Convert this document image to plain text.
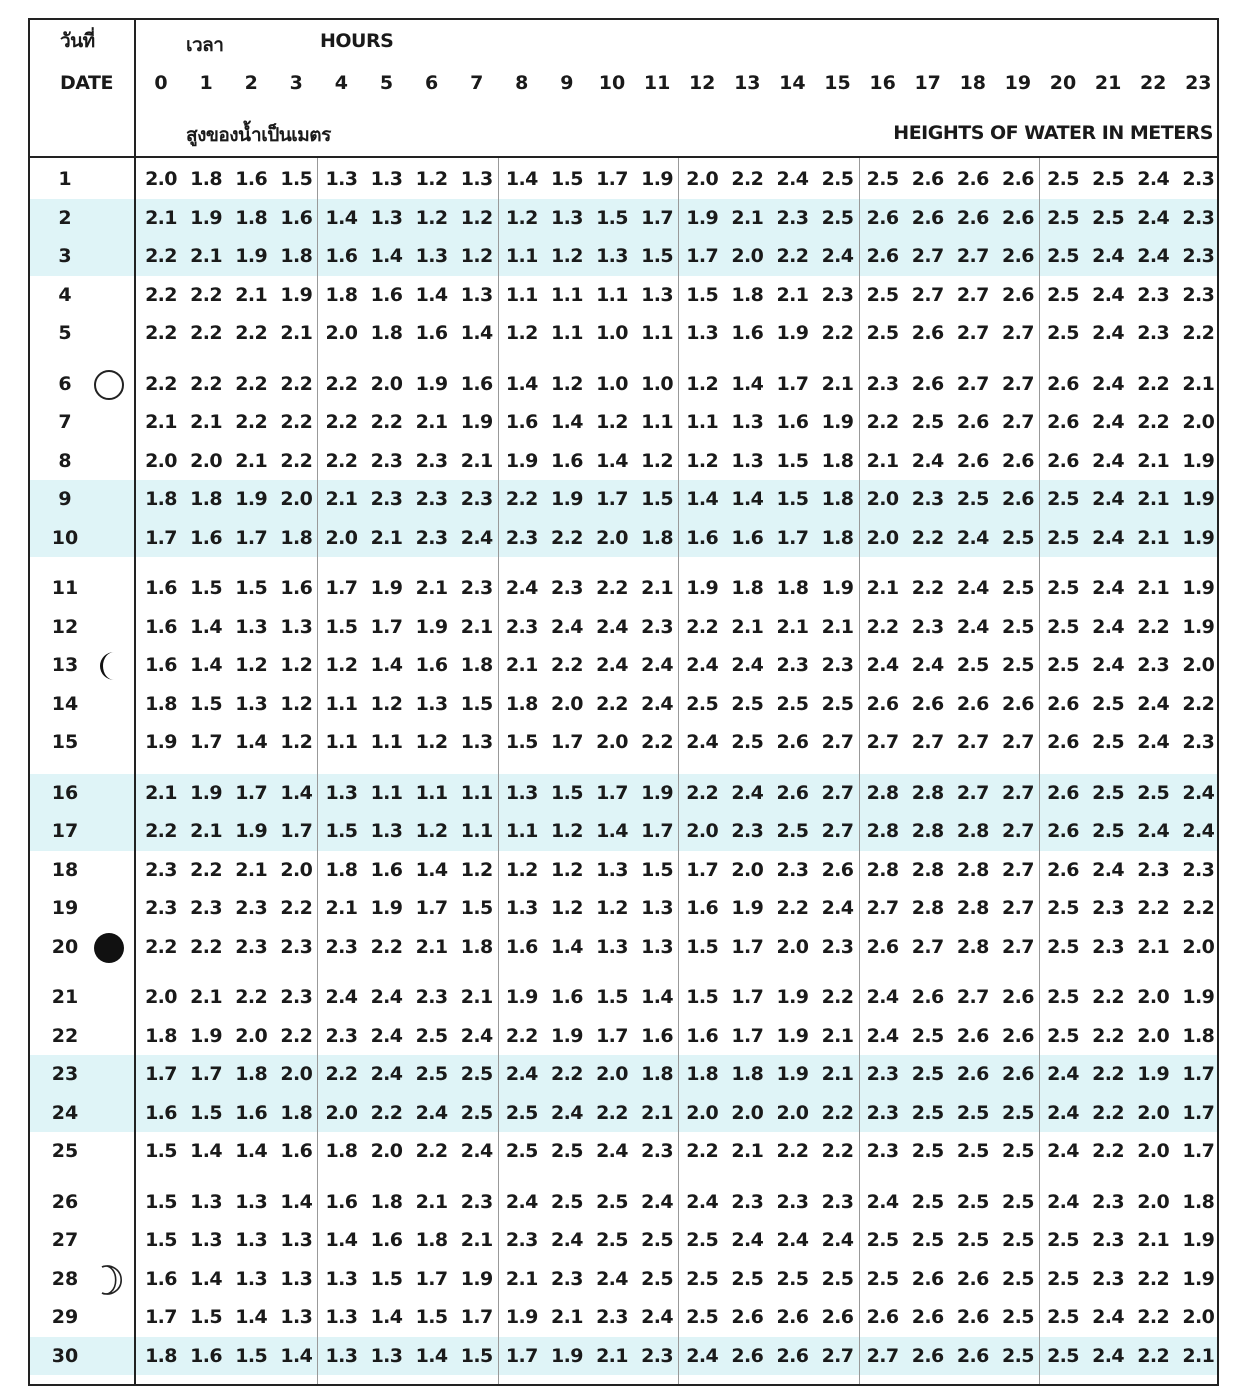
วันที่
DATE
เวลา	HOURS
สูงของน้ำเป็นเมตร	HEIGHTS OF WATER IN METERS
0	1	2	3	4	5	6	7	8	9	10 11 12 13 14 15 16 17 18 19 20 21 22 23
1	2.0 1.8 1.6 1.5 1.3 1.3 1.2 1.3 1.4 1.5 1.7 1.9 2.0 2.2 2.4 2.5 2.5 2.6 2.6 2.6 2.5 2.5 2.4 2.3
2	2.1 1.9 1.8 1.6 1.4 1.3 1.2 1.2 1.2 1.3 1.5 1.7 1.9 2.1 2.3 2.5 2.6 2.6 2.6 2.6 2.5 2.5 2.4 2.3
3	2.2 2.1 1.9 1.8 1.6 1.4 1.3 1.2 1.1 1.2 1.3 1.5 1.7 2.0 2.2 2.4 2.6 2.7 2.7 2.6 2.5 2.4 2.4 2.3
4	2.2 2.2 2.1 1.9 1.8 1.6 1.4 1.3 1.1 1.1 1.1 1.3 1.5 1.8 2.1 2.3 2.5 2.7 2.7 2.6 2.5 2.4 2.3 2.3
5	2.2 2.2 2.2 2.1 2.0 1.8 1.6 1.4 1.2 1.1 1.0 1.1 1.3 1.6 1.9 2.2 2.5 2.6 2.7 2.7 2.5 2.4 2.3 2.2
6	2.2 2.2 2.2 2.2 2.2 2.0 1.9 1.6 1.4 1.2 1.0 1.0 1.2 1.4 1.7 2.1 2.3 2.6 2.7 2.7 2.6 2.4 2.2 2.1
7	2.1 2.1 2.2 2.2 2.2 2.2 2.1 1.9 1.6 1.4 1.2 1.1 1.1 1.3 1.6 1.9 2.2 2.5 2.6 2.7 2.6 2.4 2.2 2.0
8	2.0 2.0 2.1 2.2 2.2 2.3 2.3 2.1 1.9 1.6 1.4 1.2 1.2 1.3 1.5 1.8 2.1 2.4 2.6 2.6 2.6 2.4 2.1 1.9
9	1.8 1.8 1.9 2.0 2.1 2.3 2.3 2.3 2.2 1.9 1.7 1.5 1.4 1.4 1.5 1.8 2.0 2.3 2.5 2.6 2.5 2.4 2.1 1.9
10	1.7 1.6 1.7 1.8 2.0 2.1 2.3 2.4 2.3 2.2 2.0 1.8 1.6 1.6 1.7 1.8 2.0 2.2 2.4 2.5 2.5 2.4 2.1 1.9
11	1.6 1.5 1.5 1.6 1.7 1.9 2.1 2.3 2.4 2.3 2.2 2.1 1.9 1.8 1.8 1.9 2.1 2.2 2.4 2.5 2.5 2.4 2.1 1.9
12	1.6 1.4 1.3 1.3 1.5 1.7 1.9 2.1 2.3 2.4 2.4 2.3 2.2 2.1 2.1 2.1 2.2 2.3 2.4 2.5 2.5 2.4 2.2 1.9
13	1.6 1.4 1.2 1.2 1.2 1.4 1.6 1.8 2.1 2.2 2.4 2.4 2.4 2.4 2.3 2.3 2.4 2.4 2.5 2.5 2.5 2.4 2.3 2.0
14	1.8 1.5 1.3 1.2 1.1 1.2 1.3 1.5 1.8 2.0 2.2 2.4 2.5 2.5 2.5 2.5 2.6 2.6 2.6 2.6 2.6 2.5 2.4 2.2
15	1.9 1.7 1.4 1.2 1.1 1.1 1.2 1.3 1.5 1.7 2.0 2.2 2.4 2.5 2.6 2.7 2.7 2.7 2.7 2.7 2.6 2.5 2.4 2.3
16	2.1 1.9 1.7 1.4 1.3 1.1 1.1 1.1 1.3 1.5 1.7 1.9 2.2 2.4 2.6 2.7 2.8 2.8 2.7 2.7 2.6 2.5 2.5 2.4
17	2.2 2.1 1.9 1.7 1.5 1.3 1.2 1.1 1.1 1.2 1.4 1.7 2.0 2.3 2.5 2.7 2.8 2.8 2.8 2.7 2.6 2.5 2.4 2.4
18	2.3 2.2 2.1 2.0 1.8 1.6 1.4 1.2 1.2 1.2 1.3 1.5 1.7 2.0 2.3 2.6 2.8 2.8 2.8 2.7 2.6 2.4 2.3 2.3
19	2.3 2.3 2.3 2.2 2.1 1.9 1.7 1.5 1.3 1.2 1.2 1.3 1.6 1.9 2.2 2.4 2.7 2.8 2.8 2.7 2.5 2.3 2.2 2.2
20	2.2 2.2 2.3 2.3 2.3 2.2 2.1 1.8 1.6 1.4 1.3 1.3 1.5 1.7 2.0 2.3 2.6 2.7 2.8 2.7 2.5 2.3 2.1 2.0
21	2.0 2.1 2.2 2.3 2.4 2.4 2.3 2.1 1.9 1.6 1.5 1.4 1.5 1.7 1.9 2.2 2.4 2.6 2.7 2.6 2.5 2.2 2.0 1.9
22	1.8 1.9 2.0 2.2 2.3 2.4 2.5 2.4 2.2 1.9 1.7 1.6 1.6 1.7 1.9 2.1 2.4 2.5 2.6 2.6 2.5 2.2 2.0 1.8
23	1.7 1.7 1.8 2.0 2.2 2.4 2.5 2.5 2.4 2.2 2.0 1.8 1.8 1.8 1.9 2.1 2.3 2.5 2.6 2.6 2.4 2.2 1.9 1.7
24	1.6 1.5 1.6 1.8 2.0 2.2 2.4 2.5 2.5 2.4 2.2 2.1 2.0 2.0 2.0 2.2 2.3 2.5 2.5 2.5 2.4 2.2 2.0 1.7
25	1.5 1.4 1.4 1.6 1.8 2.0 2.2 2.4 2.5 2.5 2.4 2.3 2.2 2.1 2.2 2.2 2.3 2.5 2.5 2.5 2.4 2.2 2.0 1.7
26	1.5 1.3 1.3 1.4 1.6 1.8 2.1 2.3 2.4 2.5 2.5 2.4 2.4 2.3 2.3 2.3 2.4 2.5 2.5 2.5 2.4 2.3 2.0 1.8
27	1.5 1.3 1.3 1.3 1.4 1.6 1.8 2.1 2.3 2.4 2.5 2.5 2.5 2.4 2.4 2.4 2.5 2.5 2.5 2.5 2.5 2.3 2.1 1.9
28	1.6 1.4 1.3 1.3 1.3 1.5 1.7 1.9 2.1 2.3 2.4 2.5 2.5 2.5 2.5 2.5 2.5 2.6 2.6 2.5 2.5 2.3 2.2 1.9
29	1.7 1.5 1.4 1.3 1.3 1.4 1.5 1.7 1.9 2.1 2.3 2.4 2.5 2.6 2.6 2.6 2.6 2.6 2.6 2.5 2.5 2.4 2.2 2.0
30	1.8 1.6 1.5 1.4 1.3 1.3 1.4 1.5 1.7 1.9 2.1 2.3 2.4 2.6 2.6 2.7 2.7 2.6 2.6 2.5 2.5 2.4 2.2 2.1
